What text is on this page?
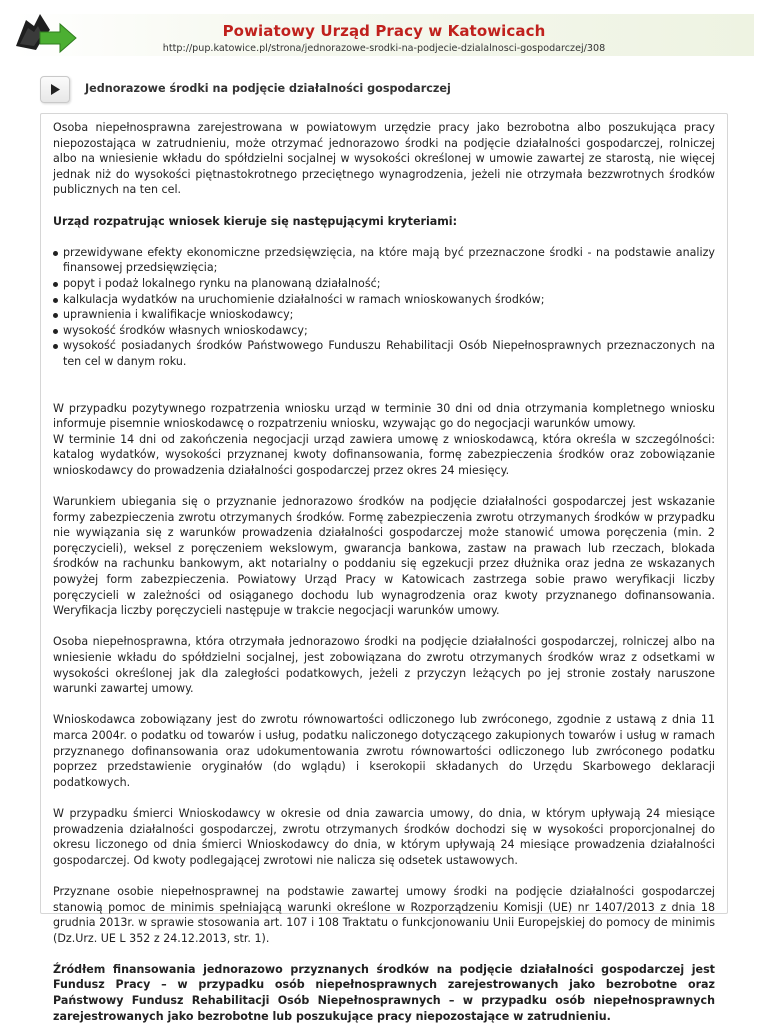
Powiatowy Urząd Pracy w Katowicach
http://pup.katowice.pl/strona/jednorazowe-srodki-na-podjecie-dzialalnosci-gospodarczej/308
Jednorazowe środki na podjęcie działalności gospodarczej

Osoba niepełnosprawna zarejestrowana w powiatowym urzędzie pracy jako bezrobotna albo poszukująca pracy niepozostająca w zatrudnieniu, może otrzymać jednorazowo środki na podjęcie działalności gospodarczej, rolniczej albo na wniesienie wkładu do spółdzielni socjalnej w wysokości określonej w umowie zawartej ze starostą, nie więcej jednak niż do wysokości piętnastokrotnego przeciętnego wynagrodzenia, jeżeli nie otrzymała bezzwrotnych środków publicznych na ten cel.

Urząd rozpatrując wniosek kieruje się następującymi kryteriami:

przewidywane efekty ekonomiczne przedsięwzięcia, na które mają być przeznaczone środki - na podstawie analizy finansowej przedsięwzięcia;
popyt i podaż lokalnego rynku na planowaną działalność;
kalkulacja wydatków na uruchomienie działalności w ramach wnioskowanych środków;
uprawnienia i kwalifikacje wnioskodawcy;
wysokość środków własnych wnioskodawcy;
wysokość posiadanych środków Państwowego Funduszu Rehabilitacji Osób Niepełnosprawnych przeznaczonych na ten cel w danym roku.

W przypadku pozytywnego rozpatrzenia wniosku urząd w terminie 30 dni od dnia otrzymania kompletnego wniosku informuje pisemnie wnioskodawcę o rozpatrzeniu wniosku, wzywając go do negocjacji warunków umowy.

W terminie 14 dni od zakończenia negocjacji urząd zawiera umowę z wnioskodawcą, która określa w szczególności: katalog wydatków, wysokości przyznanej kwoty dofinansowania, formę zabezpieczenia środków oraz zobowiązanie wnioskodawcy do prowadzenia działalności gospodarczej przez okres 24 miesięcy.

Warunkiem ubiegania się o przyznanie jednorazowo środków na podjęcie działalności gospodarczej jest wskazanie formy zabezpieczenia zwrotu otrzymanych środków. Formę zabezpieczenia zwrotu otrzymanych środków w przypadku nie wywiązania się z warunków prowadzenia działalności gospodarczej może stanowić umowa poręczenia (min. 2 poręczycieli), weksel z poręczeniem wekslowym, gwarancja bankowa, zastaw na prawach lub rzeczach, blokada środków na rachunku bankowym, akt notarialny o poddaniu się egzekucji przez dłużnika oraz jedna ze wskazanych powyżej form zabezpieczenia. Powiatowy Urząd Pracy w Katowicach zastrzega sobie prawo weryfikacji liczby poręczycieli w zależności od osiąganego dochodu lub wynagrodzenia oraz kwoty przyznanego dofinansowania. Weryfikacja liczby poręczycieli następuje w trakcie negocjacji warunków umowy.

Osoba niepełnosprawna, która otrzymała jednorazowo środki na podjęcie działalności gospodarczej, rolniczej albo na wniesienie wkładu do spółdzielni socjalnej, jest zobowiązana do zwrotu otrzymanych środków wraz z odsetkami w wysokości określonej jak dla zaległości podatkowych, jeżeli z przyczyn leżących po jej stronie zostały naruszone warunki zawartej umowy.

Wnioskodawca zobowiązany jest do zwrotu równowartości odliczonego lub zwróconego, zgodnie z ustawą z dnia 11 marca 2004r. o podatku od towarów i usług, podatku naliczonego dotyczącego zakupionych towarów i usług w ramach przyznanego dofinansowania oraz udokumentowania zwrotu równowartości odliczonego lub zwróconego podatku poprzez przedstawienie oryginałów (do wglądu) i kserokopii składanych do Urzędu Skarbowego deklaracji podatkowych.

W przypadku śmierci Wnioskodawcy w okresie od dnia zawarcia umowy, do dnia, w którym upływają 24 miesiące prowadzenia działalności gospodarczej, zwrotu otrzymanych środków dochodzi się w wysokości proporcjonalnej do okresu liczonego od dnia śmierci Wnioskodawcy do dnia, w którym upływają 24 miesiące prowadzenia działalności gospodarczej. Od kwoty podlegającej zwrotowi nie nalicza się odsetek ustawowych.

Przyznane osobie niepełnosprawnej na podstawie zawartej umowy środki na podjęcie działalności gospodarczej stanowią pomoc de minimis spełniającą warunki określone w Rozporządzeniu Komisji (UE) nr 1407/2013 z dnia 18 grudnia 2013r. w sprawie stosowania art. 107 i 108 Traktatu o funkcjonowaniu Unii Europejskiej do pomocy de minimis (Dz.Urz. UE L 352 z 24.12.2013, str. 1).

Źródłem finansowania jednorazowo przyznanych środków na podjęcie działalności gospodarczej jest Fundusz Pracy – w przypadku osób niepełnosprawnych zarejestrowanych jako bezrobotne oraz Państwowy Fundusz Rehabilitacji Osób Niepełnosprawnych – w przypadku osób niepełnosprawnych zarejestrowanych jako bezrobotne lub poszukujące pracy niepozostające w zatrudnieniu.
